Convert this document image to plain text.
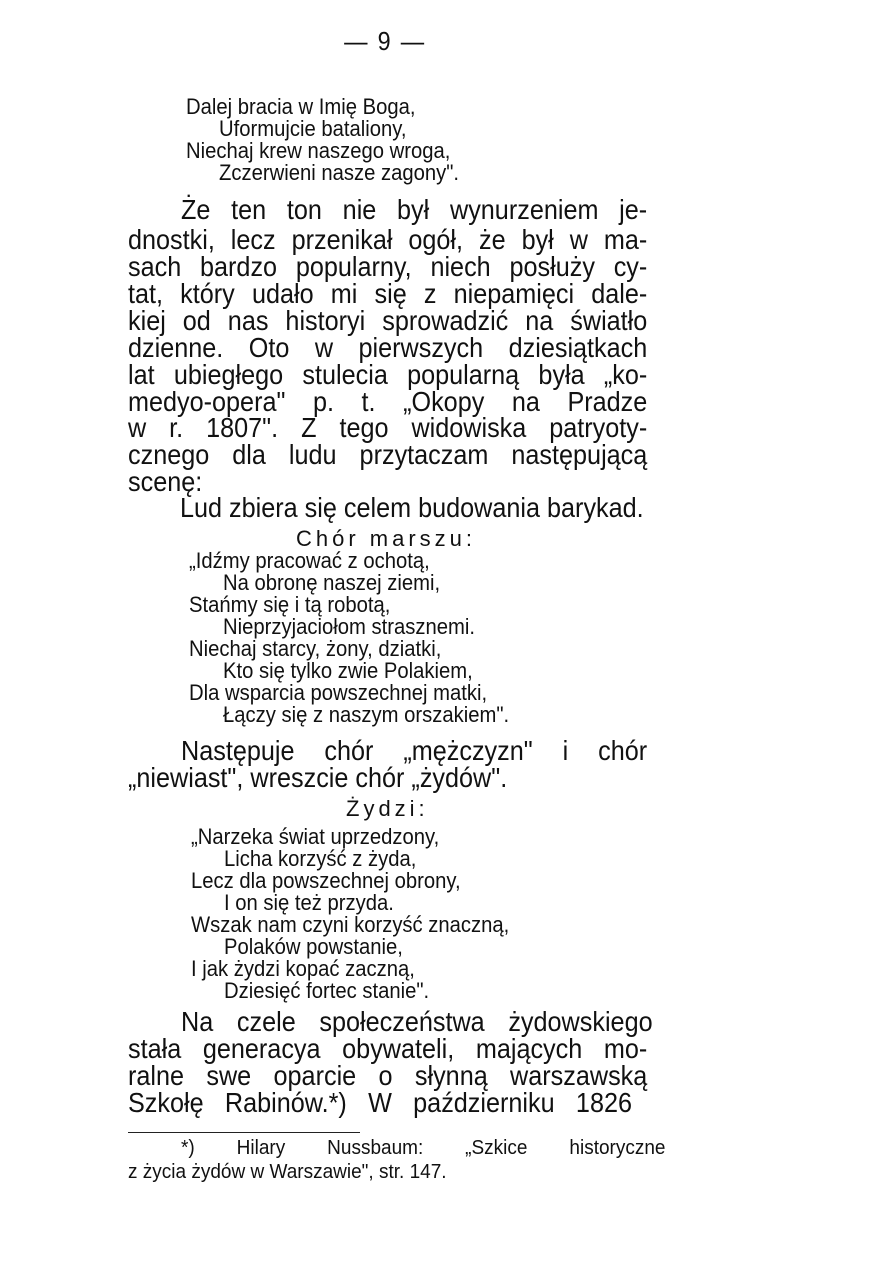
— 9 —
Dalej bracia w Imię Boga,
Uformujcie bataliony,
Niechaj krew naszego wroga,
Zczerwieni nasze zagony".
Że ten ton nie był wynurzeniem je-
dnostki, lecz przenikał ogół, że był w ma-
sach bardzo popularny, niech posłuży cy-
tat, który udało mi się z niepamięci dale-
kiej od nas historyi sprowadzić na światło
dzienne. Oto w pierwszych dziesiątkach
lat ubiegłego stulecia popularną była „ko-
medyo-opera" p. t. „Okopy na Pradze
w r. 1807". Z tego widowiska patryoty-
cznego dla ludu przytaczam następującą
scenę:
Lud zbiera się celem budowania barykad.
Chór marszu:
„Idźmy pracować z ochotą,
Na obronę naszej ziemi,
Stańmy się i tą robotą,
Nieprzyjaciołom strasznemi.
Niechaj starcy, żony, dziatki,
Kto się tylko zwie Polakiem,
Dla wsparcia powszechnej matki,
Łączy się z naszym orszakiem".
Następuje chór „mężczyzn" i chór
„niewiast", wreszcie chór „żydów".
Żydzi:
„Narzeka świat uprzedzony,
Licha korzyść z żyda,
Lecz dla powszechnej obrony,
I on się też przyda.
Wszak nam czyni korzyść znaczną,
Polaków powstanie,
I jak żydzi kopać zaczną,
Dziesięć fortec stanie".
Na czele społeczeństwa żydowskiego
stała generacya obywateli, mających mo-
ralne swe oparcie o słynną warszawską
Szkołę Rabinów.*) W październiku 1826
*) Hilary Nussbaum: „Szkice historyczne
z życia żydów w Warszawie", str. 147.
